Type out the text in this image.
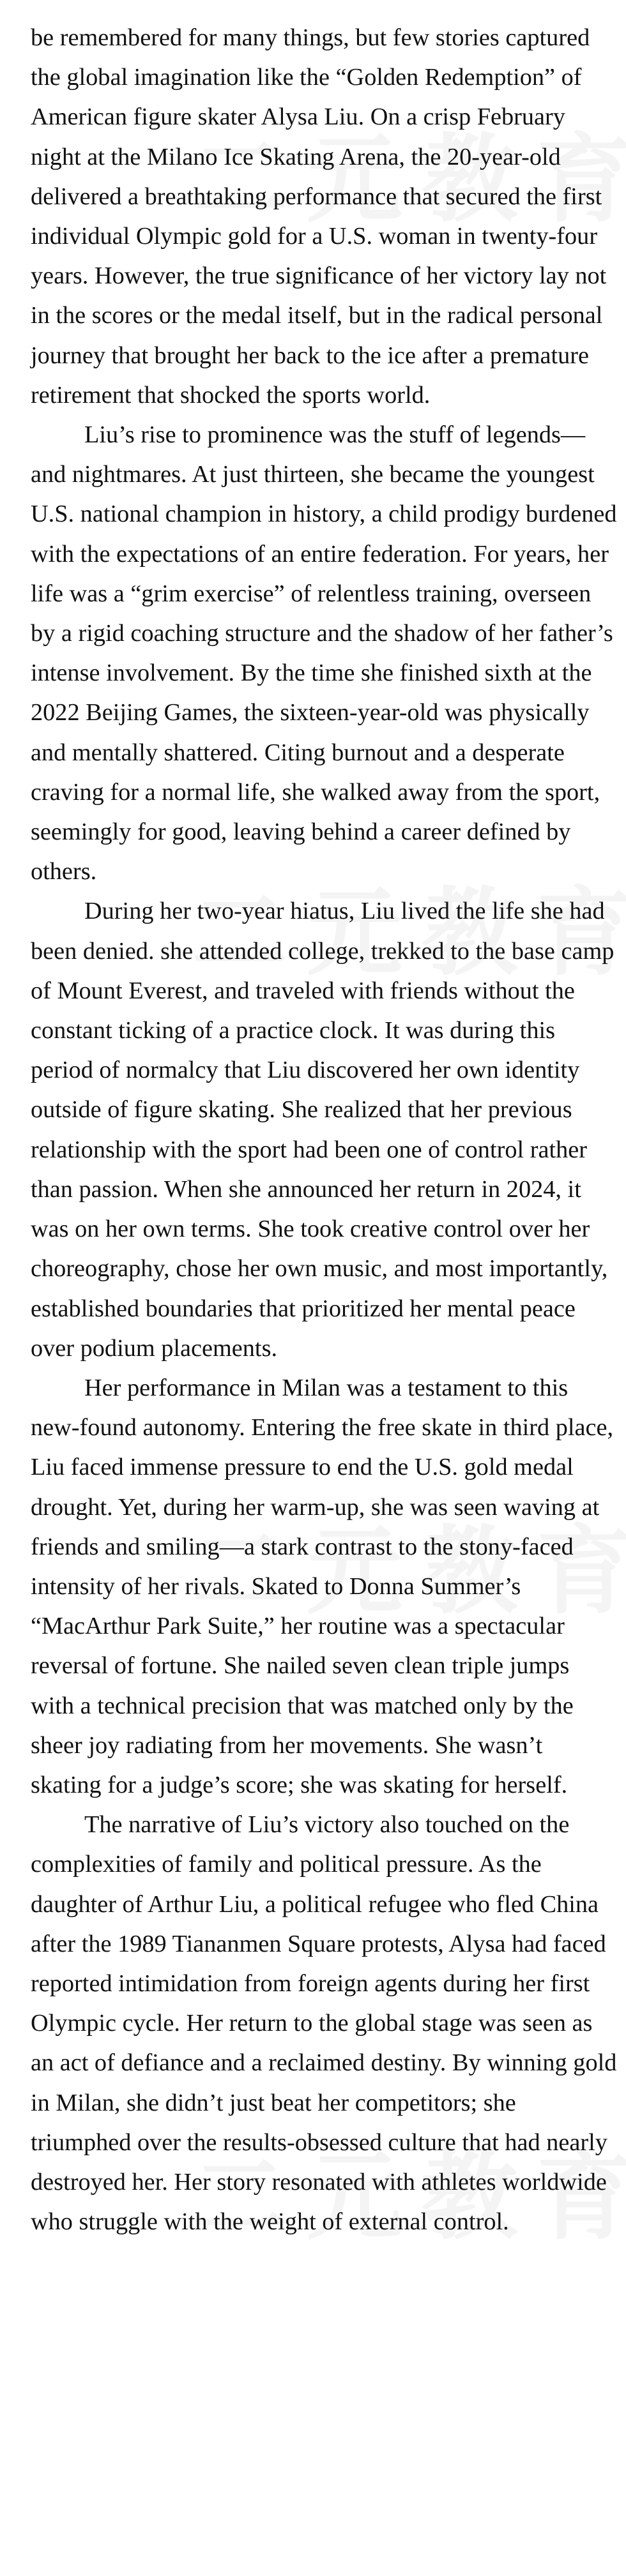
be remembered for many things, but few stories captured the global imagination like the “Golden Redemption” of American figure skater Alysa Liu. On a crisp February night at the Milano Ice Skating Arena, the 20-year-old delivered a breathtaking performance that secured the first individual Olympic gold for a U.S. woman in twenty-four years. However, the true significance of her victory lay not in the scores or the medal itself, but in the radical personal journey that brought her back to the ice after a premature retirement that shocked the sports world.

Liu’s rise to prominence was the stuff of legends—and nightmares. At just thirteen, she became the youngest U.S. national champion in history, a child prodigy burdened with the expectations of an entire federation. For years, her life was a “grim exercise” of relentless training, overseen by a rigid coaching structure and the shadow of her father’s intense involvement. By the time she finished sixth at the 2022 Beijing Games, the sixteen-year-old was physically and mentally shattered. Citing burnout and a desperate craving for a normal life, she walked away from the sport, seemingly for good, leaving behind a career defined by others.

During her two-year hiatus, Liu lived the life she had been denied. she attended college, trekked to the base camp of Mount Everest, and traveled with friends without the constant ticking of a practice clock. It was during this period of normalcy that Liu discovered her own identity outside of figure skating. She realized that her previous relationship with the sport had been one of control rather than passion. When she announced her return in 2024, it was on her own terms. She took creative control over her choreography, chose her own music, and most importantly, established boundaries that prioritized her mental peace over podium placements.

Her performance in Milan was a testament to this new-found autonomy. Entering the free skate in third place, Liu faced immense pressure to end the U.S. gold medal drought. Yet, during her warm-up, she was seen waving at friends and smiling—a stark contrast to the stony-faced intensity of her rivals. Skated to Donna Summer’s “MacArthur Park Suite,” her routine was a spectacular reversal of fortune. She nailed seven clean triple jumps with a technical precision that was matched only by the sheer joy radiating from her movements. She wasn’t skating for a judge’s score; she was skating for herself.

The narrative of Liu’s victory also touched on the complexities of family and political pressure. As the daughter of Arthur Liu, a political refugee who fled China after the 1989 Tiananmen Square protests, Alysa had faced reported intimidation from foreign agents during her first Olympic cycle. Her return to the global stage was seen as an act of defiance and a reclaimed destiny. By winning gold in Milan, she didn’t just beat her competitors; she triumphed over the results-obsessed culture that had nearly destroyed her. Her story resonated with athletes worldwide who struggle with the weight of external control.
